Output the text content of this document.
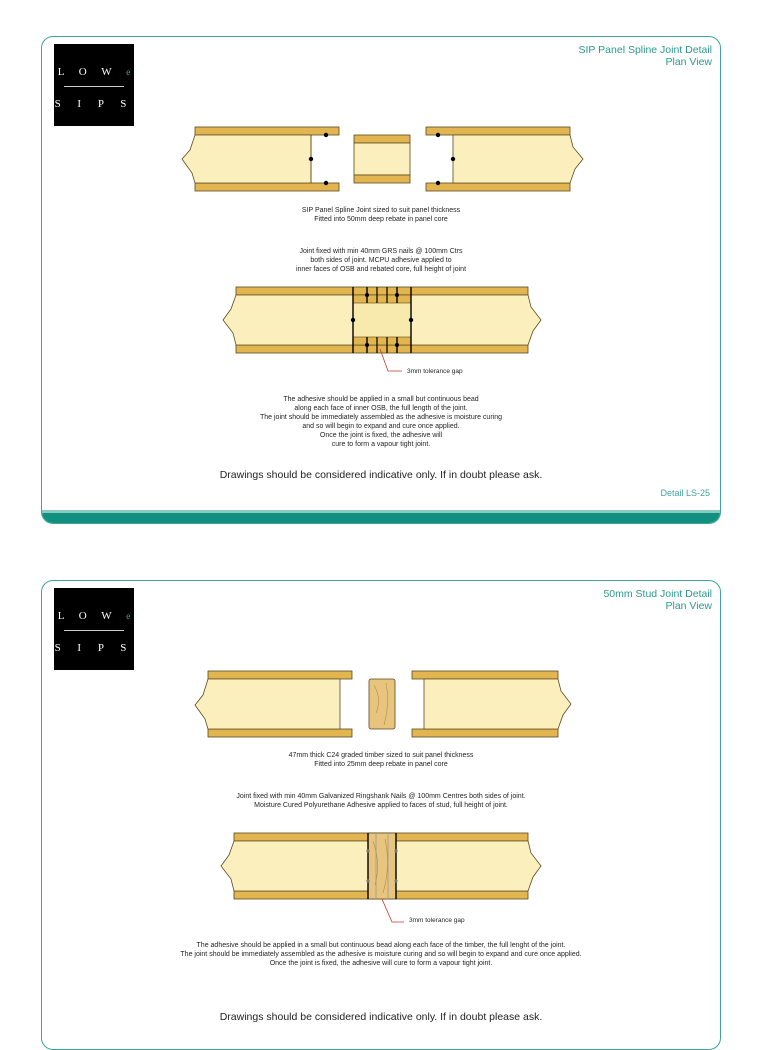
L O W e
S I P S
SIP Panel Spline Joint Detail
Plan View
SIP Panel Spline Joint sized to suit panel thickness
Fitted into 50mm deep rebate in panel core
Joint fixed with min 40mm GRS nails @ 100mm Ctrs
both sides of joint. MCPU adhesive applied to
inner faces of OSB and rebated core, full height of joint
3mm tolerance gap
The adhesive should be applied in a small but continuous bead
along each face of inner OSB, the full length of the joint.
The joint should be immediately assembled as the adhesive is moisture curing
and so will begin to expand and cure once applied.
Once the joint is fixed, the adhesive will
cure to form a vapour tight joint.
Drawings should be considered indicative only. If in doubt please ask.
Detail LS-25
L O W e
S I P S
50mm Stud Joint Detail
Plan View
47mm thick C24 graded timber sized to suit panel thickness
Fitted into 25mm deep rebate in panel core
Joint fixed with min 40mm Galvanized Ringshank Nails @ 100mm Centres both sides of joint.
Moisture Cured Polyurethane Adhesive applied to faces of stud, full height of joint.
3mm tolerance gap
The adhesive should be applied in a small but continuous bead along each face of the timber, the full lenght of the joint.
The joint should be immediately assembled as the adhesive is moisture curing and so will begin to expand and cure once applied.
Once the joint is fixed, the adhesive will cure to form a vapour tight joint.
Drawings should be considered indicative only. If in doubt please ask.
